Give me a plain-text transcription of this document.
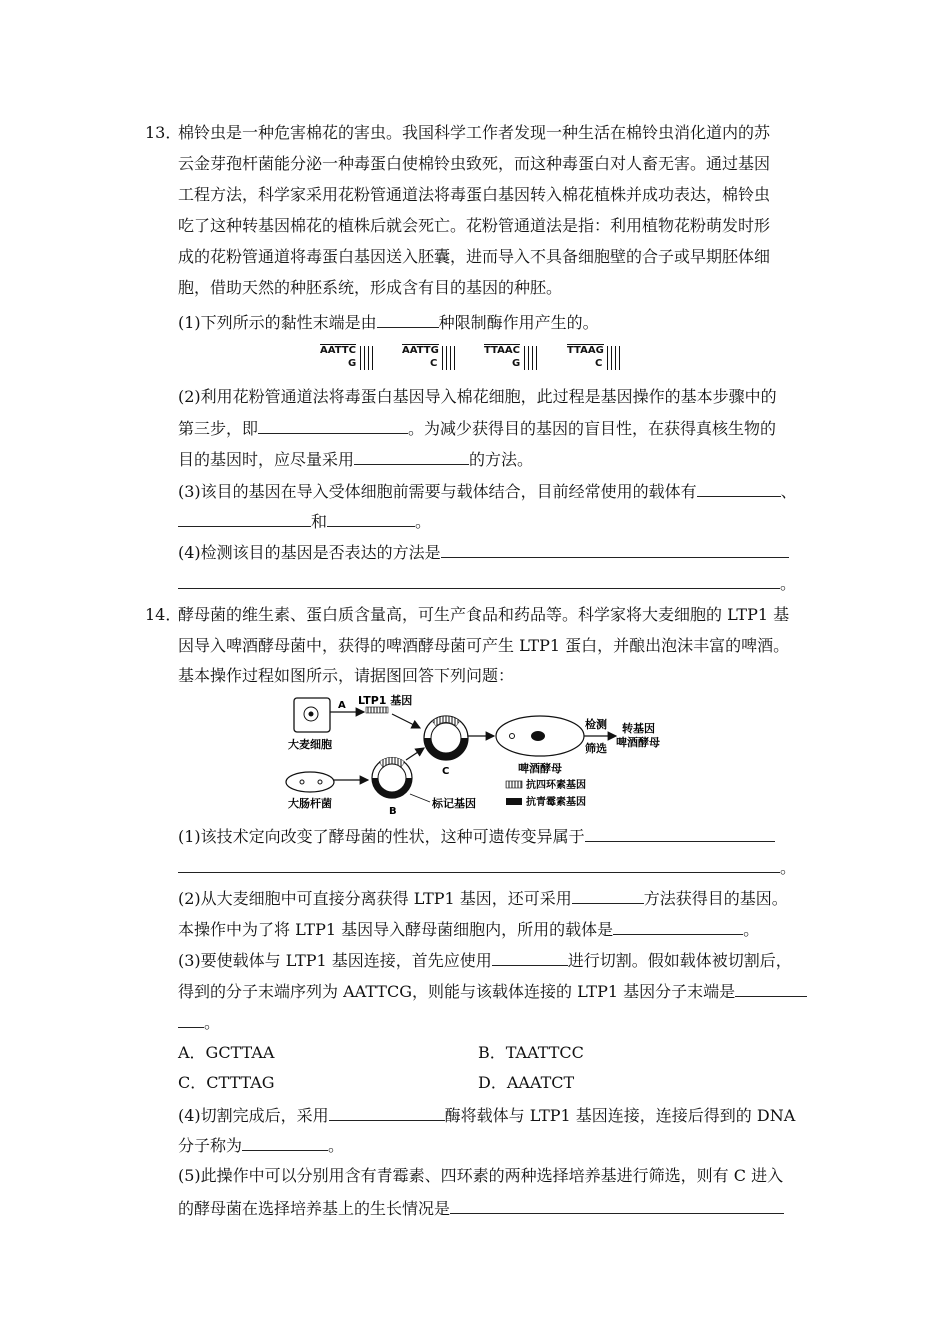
13．
棉铃虫是一种危害棉花的害虫。我国科学工作者发现一种生活在棉铃虫消化道内的苏
云金芽孢杆菌能分泌一种毒蛋白使棉铃虫致死，而这种毒蛋白对人畜无害。通过基因
工程方法，科学家采用花粉管通道法将毒蛋白基因转入棉花植株并成功表达，棉铃虫
吃了这种转基因棉花的植株后就会死亡。花粉管通道法是指：利用植物花粉萌发时形
成的花粉管通道将毒蛋白基因送入胚囊，进而导入不具备细胞壁的合子或早期胚体细
胞，借助天然的种胚系统，形成含有目的基因的种胚。
(1)下列所示的黏性末端是由	种限制酶作用产生的。
AATTC
G
AATTG
C
TTAAC
G
TTAAG
C
(2)利用花粉管通道法将毒蛋白基因导入棉花细胞，此过程是基因操作的基本步骤中的
第三步，即	。为减少获得目的基因的盲目性，在获得真核生物的
目的基因时，应尽量采用	的方法。
(3)该目的基因在导入受体细胞前需要与载体结合，目前经常使用的载体有	、
和	。
(4)检测该目的基因是否表达的方法是
。
14．
酵母菌的维生素、蛋白质含量高，可生产食品和药品等。科学家将大麦细胞的 LTP1 基
因导入啤酒酵母菌中，获得的啤酒酵母菌可产生 LTP1 蛋白，并酿出泡沫丰富的啤酒。
基本操作过程如图所示，请据图回答下列问题：
大麦细胞
A LTP1 基因
大肠杆菌
B
标记基因
C	啤酒酵母
检测
筛选
转基因
啤酒酵母
抗四环素基因
抗青霉素基因
(1)该技术定向改变了酵母菌的性状，这种可遗传变异属于
。
(2)从大麦细胞中可直接分离获得 LTP1 基因，还可采用	方法获得目的基因。
本操作中为了将 LTP1 基因导入酵母菌细胞内，所用的载体是	。
(3)要使载体与 LTP1 基因连接，首先应使用	进行切割。假如载体被切割后，
得到的分子末端序列为 AATTCG，则能与该载体连接的 LTP1 基因分子末端是
。
A．GCTTAA	B．TAATTCC
C．CTTTAG	D．AAATCT
(4)切割完成后，采用	酶将载体与 LTP1 基因连接，连接后得到的 DNA
分子称为	。
(5)此操作中可以分别用含有青霉素、四环素的两种选择培养基进行筛选，则有 C 进入
的酵母菌在选择培养基上的生长情况是
